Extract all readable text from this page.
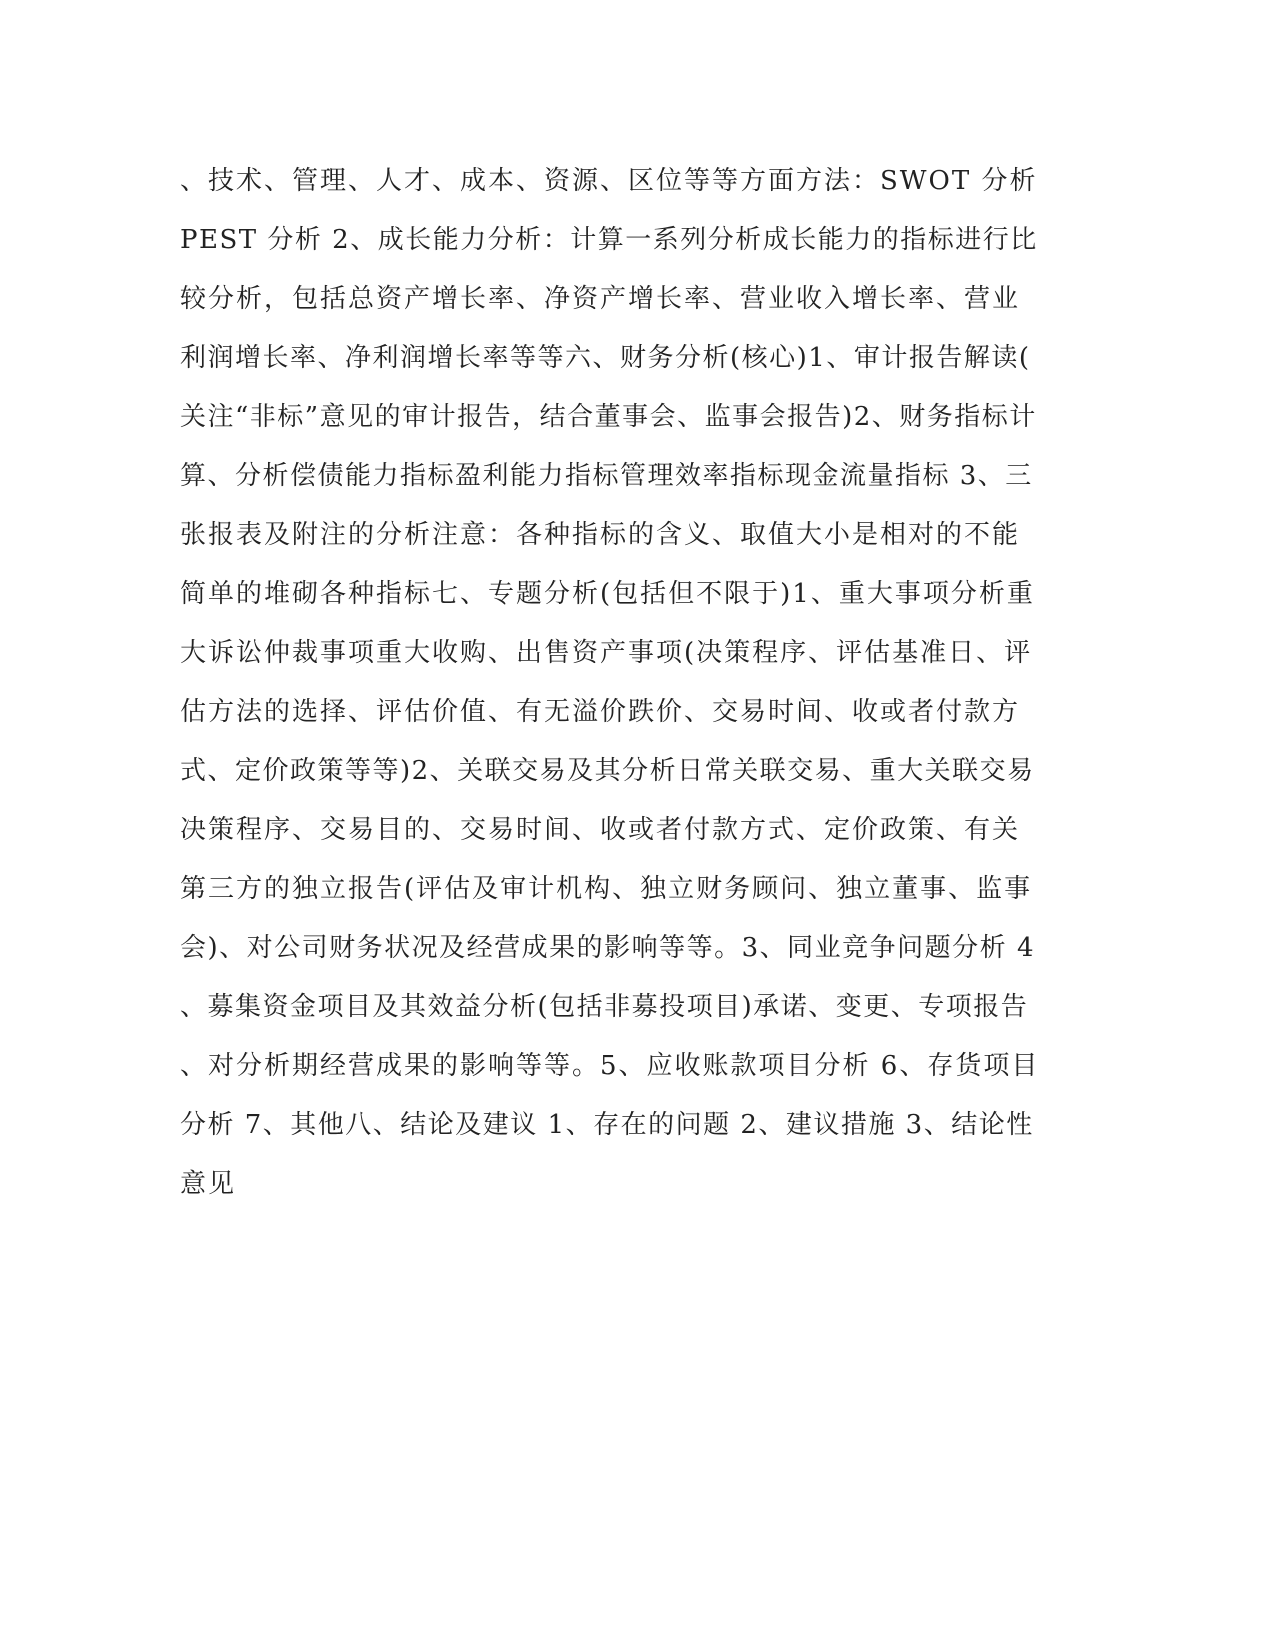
、技术、管理、人才、成本、资源、区位等等方面方法：SWOT 分析
PEST 分析 2、成长能力分析：计算一系列分析成长能力的指标进行比
较分析，包括总资产增长率、净资产增长率、营业收入增长率、营业
利润增长率、净利润增长率等等六、财务分析(核心)1、审计报告解读(
关注“非标”意见的审计报告，结合董事会、监事会报告)2、财务指标计
算、分析偿债能力指标盈利能力指标管理效率指标现金流量指标 3、三
张报表及附注的分析注意：各种指标的含义、取值大小是相对的不能
简单的堆砌各种指标七、专题分析(包括但不限于)1、重大事项分析重
大诉讼仲裁事项重大收购、出售资产事项(决策程序、评估基准日、评
估方法的选择、评估价值、有无溢价跌价、交易时间、收或者付款方
式、定价政策等等)2、关联交易及其分析日常关联交易、重大关联交易
决策程序、交易目的、交易时间、收或者付款方式、定价政策、有关
第三方的独立报告(评估及审计机构、独立财务顾问、独立董事、监事
会)、对公司财务状况及经营成果的影响等等。3、同业竞争问题分析 4
、募集资金项目及其效益分析(包括非募投项目)承诺、变更、专项报告
、对分析期经营成果的影响等等。5、应收账款项目分析 6、存货项目
分析 7、其他八、结论及建议 1、存在的问题 2、建议措施 3、结论性
意见
